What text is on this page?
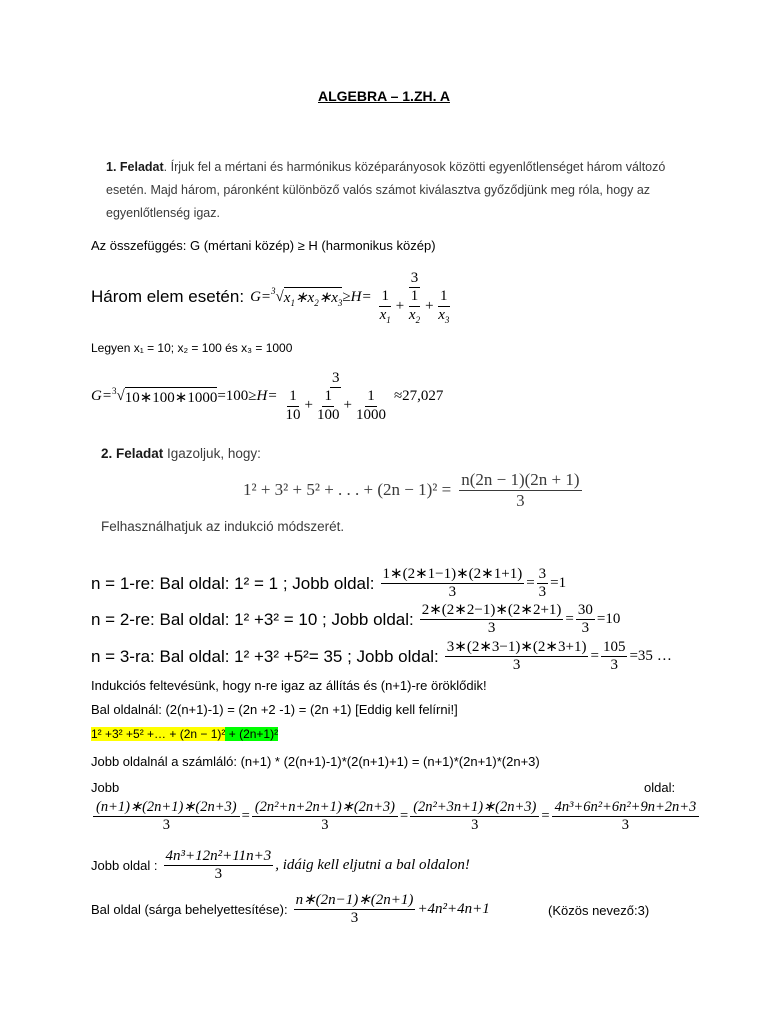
ALGEBRA – 1.ZH. A
1. Feladat. Írjuk fel a mértani és harmónikus középarányosok közötti egyenlőtlenséget három változó
esetén. Majd három, páronként különböző valós számot kiválasztva győződjünk meg róla, hogy az
egyenlőtlenség igaz.
Az összefüggés: G (mértani közép) ≥ H (harmonikus közép)
Három elem esetén: G= 3 √ $x_1∗x_2∗x_3 \ge H= \frac{3}{\frac{1}{x_1} + \frac{1}{x_2} + \frac{1}{x_3}}$
Legyen x₁ = 10; x₂ = 100 és x₃ = 1000
G= 3 √ 10∗100∗1000 $=100\ge H= \frac{3}{\frac{1}{10} + \frac{1}{100} + \frac{1}{1000}} \approx 27,027$
2. Feladat Igazoljuk, hogy:
1² + 3² + 5² + . . . + $(2n - 1)^2 = \frac{n(2n - 1)(2n + 1)}{3}$
Felhasználhatjuk az indukció módszerét.
n = 1-re: Bal oldal: 1² = 1 ; Jobb oldal: $\frac{1∗(2∗1-1)∗(2∗1+1)}{3} = \frac{3}{3} =1$
n = 2-re: Bal oldal: 1² +3² = 10 ; Jobb oldal: $\frac{2∗(2∗2-1)∗(2∗2+1)}{3} = \frac{30}{3} =10$
n = 3-ra: Bal oldal: 1² +3² +5²= 35 ; Jobb oldal: $\frac{3∗(2∗3-1)∗(2∗3+1)}{3} = \frac{105}{3} =35$ …
Indukciós feltevésünk, hogy n-re igaz az állítás és (n+1)-re öröklődik!
Bal oldalnál: (2(n+1)-1) = (2n +2 -1) = (2n +1) [Eddig kell felírni!]
1² +3² +5² +… + (2n − 1)² + (2n+1)²
Jobb oldalnál a számláló: (n+1) * (2(n+1)-1)*(2(n+1)+1) = (n+1)*(2n+1)*(2n+3)
Jobb	oldal:
$\frac{(n+1)∗(2n+1)∗(2n+3)}{3} = \frac{\text{(2n²+n+2n+1)∗(2n+3)}}{3} = \frac{\text{(2n²+3n+1)∗(2n+3)}}{3} = \frac{\text{4n³+6n²+6n²+9n+2n+3}}{3}$
Jobb oldal : $\frac{\text{4n³+12n²+11n+3}}{3}$ , idáig kell eljutni a bal oldalon!
Bal oldal (sárga behelyettesítése): $\frac{n∗(2n-1)∗(2n+1)}{3} +4n^2+4n+1$	(Közös nevező:3)
